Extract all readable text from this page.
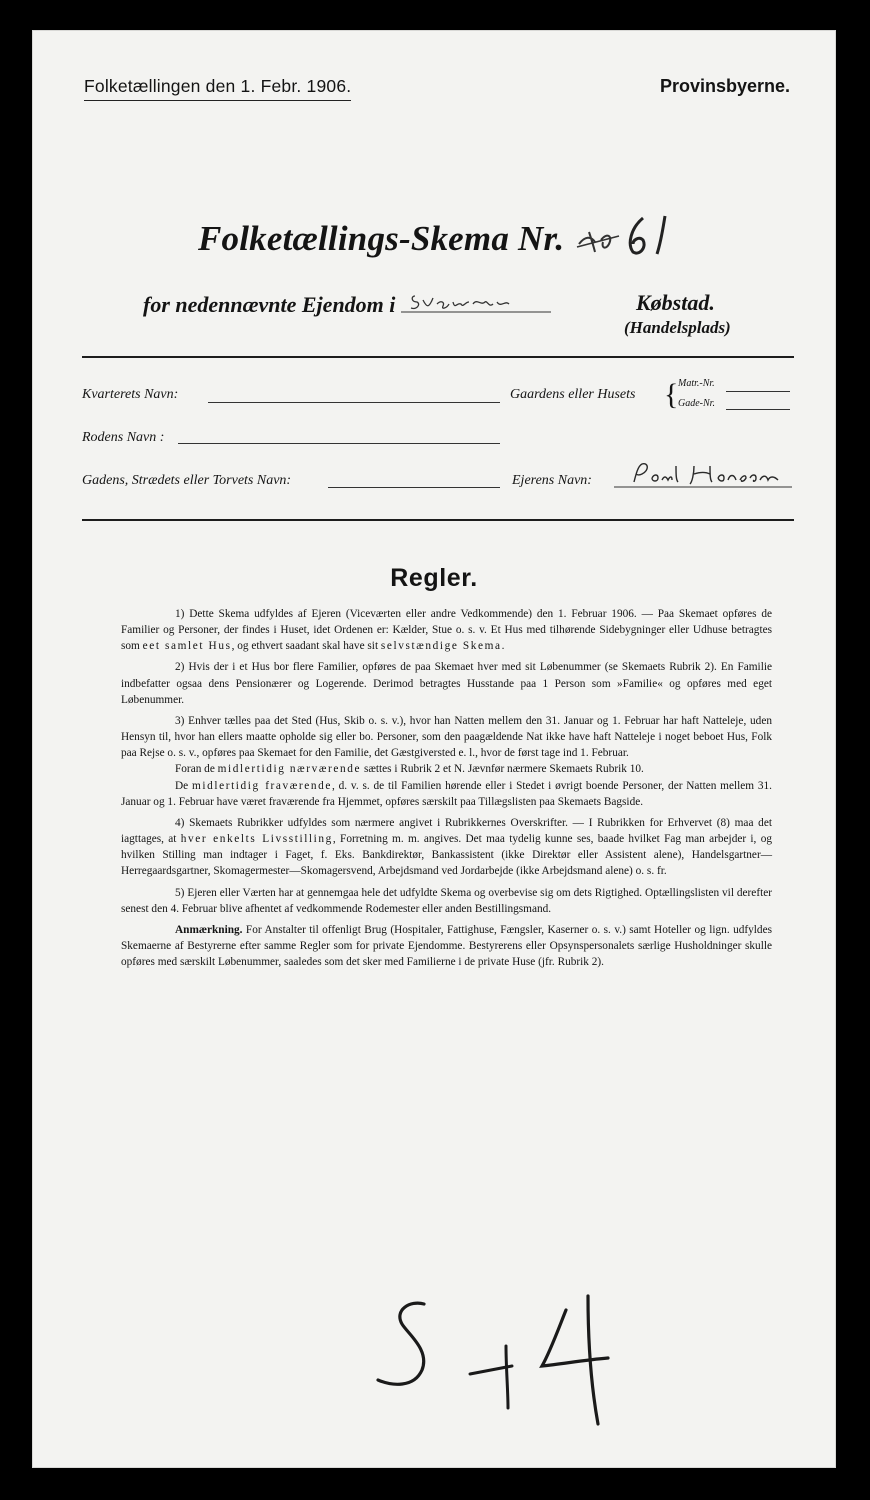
Folketællingen den 1. Febr. 1906.	Provinsbyerne.
Folketællings-Skema Nr.
for nedennævnte Ejendom i	Købstad.
(Handelsplads)
Kvarterets Navn:	Gaardens eller Husets { Matr.-Nr.
Gade-Nr.
Rodens Navn :
Gadens, Strædets eller Torvets Navn:	Ejerens Navn:
Regler.

1) Dette Skema udfyldes af Ejeren (Viceværten eller andre Vedkommende) den 1. Februar 1906. — Paa Skemaet opføres de Familier og Personer, der findes i Huset, idet Ordenen er: Kælder, Stue o. s. v. Et Hus med tilhørende Sidebygninger eller Udhuse betragtes som eet samlet Hus, og ethvert saadant skal have sit selvstændige Skema.

2) Hvis der i et Hus bor flere Familier, opføres de paa Skemaet hver med sit Løbenummer (se Skemaets Rubrik 2). En Familie indbefatter ogsaa dens Pensionærer og Logerende. Derimod betragtes Husstande paa 1 Person som »Familie« og opføres med eget Løbenummer.

3) Enhver tælles paa det Sted (Hus, Skib o. s. v.), hvor han Natten mellem den 31. Januar og 1. Februar har haft Natteleje, uden Hensyn til, hvor han ellers maatte opholde sig eller bo. Personer, som den paagældende Nat ikke have haft Natteleje i noget beboet Hus, Folk paa Rejse o. s. v., opføres paa Skemaet for den Familie, det Gæstgiversted e. l., hvor de først tage ind 1. Februar.

Foran de midlertidig nærværende sættes i Rubrik 2 et N. Jævnfør nærmere Skemaets Rubrik 10.

De midlertidig fraværende, d. v. s. de til Familien hørende eller i Stedet i øvrigt boende Personer, der Natten mellem 31. Januar og 1. Februar have været fraværende fra Hjemmet, opføres særskilt paa Tillægslisten paa Skemaets Bagside.

4) Skemaets Rubrikker udfyldes som nærmere angivet i Rubrikkernes Overskrifter. — I Rubrikken for Erhvervet (8) maa det iagttages, at hver enkelts Livsstilling, Forretning m. m. angives. Det maa tydelig kunne ses, baade hvilket Fag man arbejder i, og hvilken Stilling man indtager i Faget, f. Eks. Bankdirektør, Bankassistent (ikke Direktør eller Assistent alene), Handelsgartner—Herregaardsgartner, Skomagermester—Skomagersvend, Arbejdsmand ved Jordarbejde (ikke Arbejdsmand alene) o. s. fr.

5) Ejeren eller Værten har at gennemgaa hele det udfyldte Skema og overbevise sig om dets Rigtighed. Optællingslisten vil derefter senest den 4. Februar blive afhentet af vedkommende Rodemester eller anden Bestillingsmand.

Anmærkning. For Anstalter til offenligt Brug (Hospitaler, Fattighuse, Fængsler, Kaserner o. s. v.) samt Hoteller og lign. udfyldes Skemaerne af Bestyrerne efter samme Regler som for private Ejendomme. Bestyrerens eller Opsynspersonalets særlige Husholdninger skulle opføres med særskilt Løbenummer, saaledes som det sker med Familierne i de private Huse (jfr. Rubrik 2).
